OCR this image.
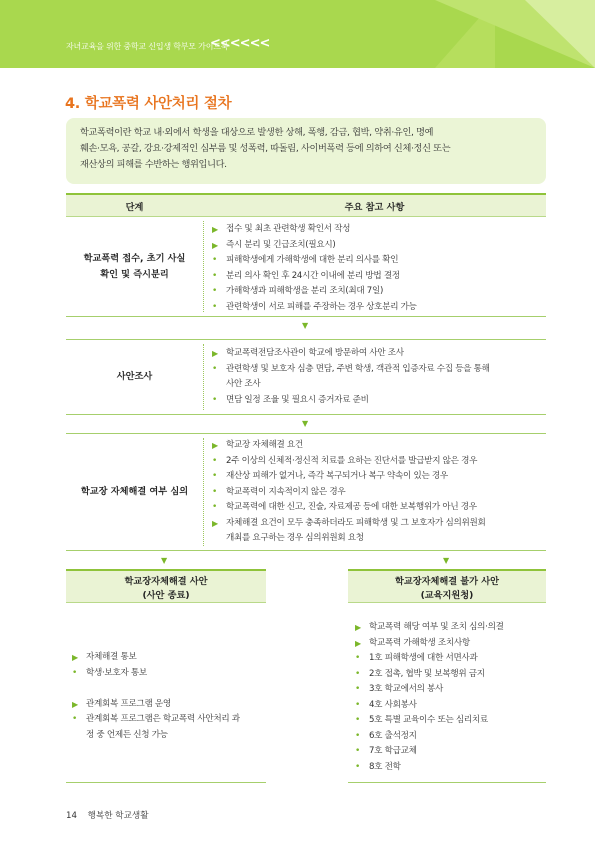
자녀교육을 위한 중학교 신입생 학부모 가이드북
<<<<<<
4. 학교폭력 사안처리 절차
학교폭력이란 학교 내·외에서 학생을 대상으로 발생한 상해, 폭행, 감금, 협박, 약취·유인, 명예
훼손·모욕, 공갈, 강요·강제적인 심부름 및 성폭력, 따돌림, 사이버폭력 등에 의하여 신체·정신 또는
재산상의 피해를 수반하는 행위입니다.
단계	주요 참고 사항
학교폭력 접수, 초기 사실
확인 및 즉시분리
▶ 접수 및 최초 관련학생 확인서 작성
▶ 즉시 분리 및 긴급조치(필요시)
•	피해학생에게 가해학생에 대한 분리 의사를 확인
•	분리 의사 확인 후 24시간 이내에 분리 방법 결정
•	가해학생과 피해학생을 분리 조치(최대 7일)
•	관련학생이 서로 피해를 주장하는 경우 상호분리 가능
▼
사안조사
▶ 학교폭력전담조사관이 학교에 방문하여 사안 조사
•	관련학생 및 보호자 심층 면담, 주변 학생, 객관적 입증자료 수집 등을 통해
사안 조사
•	면담 일정 조율 및 필요시 증거자료 준비
▼
학교장 자체해결 여부 심의
▶ 학교장 자체해결 요건
•	2주 이상의 신체적·정신적 치료를 요하는 진단서를 발급받지 않은 경우
•	재산상 피해가 없거나, 즉각 복구되거나 복구 약속이 있는 경우
•	학교폭력이 지속적이지 않은 경우
•	학교폭력에 대한 신고, 진술, 자료제공 등에 대한 보복행위가 아닌 경우
▶ 자체해결 요건이 모두 충족하더라도 피해학생 및 그 보호자가 심의위원회
개최를 요구하는 경우 심의위원회 요청
▼	▼
학교장자체해결 사안
(사안 종료)
▶ 자체해결 통보
•	학생·보호자 통보
▶ 관계회복 프로그램 운영
•	관계회복 프로그램은 학교폭력 사안처리 과
정 중 언제든 신청 가능
학교장자체해결 불가 사안
(교육지원청)
▶ 학교폭력 해당 여부 및 조치 심의·의결
▶ 학교폭력 가해학생 조치사항
•	1호 피해학생에 대한 서면사과
•	2호 접촉, 협박 및 보복행위 금지
•	3호 학교에서의 봉사
•	4호 사회봉사
•	5호 특별 교육이수 또는 심리치료
•	6호 출석정지
•	7호 학급교체
•	8호 전학
14 행복한 학교생활
